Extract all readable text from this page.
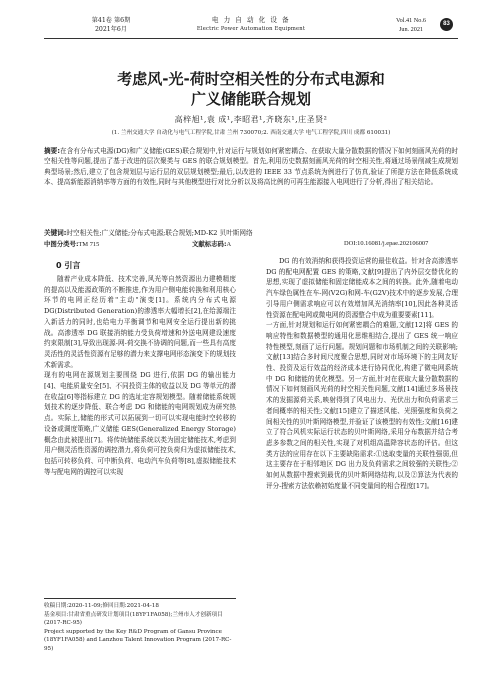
第41卷 第6期
2021年6月
电 力 自 动 化 设 备
Electric Power Automation Equipment
Vol.41 No.6
Jun. 2021
83
考虑风-光-荷时空相关性的分布式电源和
广义储能联合规划
高梓旭¹,袁 成¹,李昭君¹,齐晓东¹,庄圣贤²
(1. 兰州交通大学 自动化与电气工程学院,甘肃 兰州 730070;2. 西南交通大学 电气工程学院,四川 成都 610031)
摘要:在含有分布式电源(DG)和广义储能(GES)联合规划中,针对运行与规划如何紧密耦合、在获取大量分散数据的情况下如何刻画风光荷的时空相关性等问题,提出了基于改进的层次聚类与 GES 的联合规划模型。首先,利用历史数据刻画风光荷的时空相关性,将通过场景削减生成规划典型场景;然后,建立了包含规划层与运行层的双层规划模型;最后,以改进的 IEEE 33 节点系统为例进行了仿真,验证了所提方法在降低系统成本、提高新能源消纳率等方面的有效性,同时与其他模型进行对比分析以及将高比例的可再生能源接入电网进行了分析,得出了相关结论。
关键词:时空相关性;广义储能;分布式电源;联合规划;MD-K2 贝叶斯网络
中图分类号:TM 715	文献标志码:A	DOI:10.16081/j.epae.202106007
0 引言

随着产业成本降低、技术完善,风光等自然资源出力建模精度的提高以及能源政策的不断推进,作为用户侧电能转换和利用核心环节的电网正经历着"主动"演变[1]。系统内分布式电源 DG(Distributed Generation)的渗透率大幅增长[2],在给源端注入新活力的同时,也给电力平衡调节和电网安全运行提出新的挑战。高渗透率 DG 联接消纳能力受负荷增速和外送电网建设速度约束限制[3],导致出现源-网-荷交换不协调的问题,而一些具有高度灵活性的灵活性资源有足够的潜力来支撑电网形态演变下的规划技术新需求。
现有的电网在源规划主要围绕 DG 进行,依据 DG 的输出能力[4]、电能质量安全[5]、不同投资主体的收益以及 DG 等单元的潜在收益[6]等指标建立 DG 的选址定容规划模型。随着储能系统规划技术的逐步降低、联合考虑 DG 和储能的电网规划成为研究热点。实际上,储能的形式可以拓展到一切可以实现电能时空转移的设备或调度策略,广义储能 GES(Generalized Energy Storage)概念由此被提出[7]。将传统储能系统以类为固定储能技术,考虑到用户侧灵活性资源的调控潜力,将负荷可控负荷归为虚拟储能技术,包括可转移负荷、可中断负荷、电动汽车负荷等[8],虚拟储能技术等与配电网的调控可以实现

DG 的有效消纳和获得投资运营的最佳收益。针对含高渗透率 DG 的配电网配置 GES 的策略,文献[9]提出了内外层交替优化的思想,实现了虚拟储能和固定储能成本之间的转换。此外,随着电动汽车绿色属性在车-网(V2G)和网-车(G2V)技术中的逐步发展,合理引导用户侧需求响应可以有效增加风光消纳率[10],因此各种灵活性资源在配电网或微电网的资源整合中成为重要要素[11]。
一方面,针对规划和运行如何紧密耦合的难题,文献[12]将 GES 的响应特性和数据模型的通用化思维相结合,提出了 GES 统一响应特性模型,刻画了运行问题。规划问题和市场机制之间的关联影响;文献[13]结合多时间尺度聚合思想,同时对市场环境下的主网友好性、投资及运行效益的经济成本进行协同优化,构建了微电网系统中 DG 和储能的优化模型。另一方面,针对在获取大量分散数据的情况下如何刻画风光荷的时空相关性问题,文献[14]通过多场景技术的发掘源荷关系,映射得到了风电出力、光伏出力和负荷需求三者间概率的相关性;文献[15]建立了描述风能、光照强度和负荷之间相关性的贝叶斯网络模型,并验证了该模型的有效性;文献[16]建立了符合风机实际运行状态的贝叶斯网络,采用分布数据并结合考虑多参数之间的相关性,实现了对机组高温降容状态的评估。但这类方法的应用存在以下主要缺陷需求:①选取变量的关联性强弱,但这主要存在于相邻地区 DG 出力及负荷需求之间较强的关联性;②如何从数据中搜索到最优的贝叶斯网络结构,以及②算法为代表的评分-搜索方法依赖初始度量不同变量间的相合程度[17]。

收稿日期:2020-11-09;修回日期:2021-04-18
基金项目:甘肃省重点研发计划项目(18YF1FA058);兰州市人才创新项目(2017-RC-95)
Project supported by the Key R&D Program of Gansu Province (18YF1FA058) and Lanzhou Talent Innovation Program (2017-RC-95)
